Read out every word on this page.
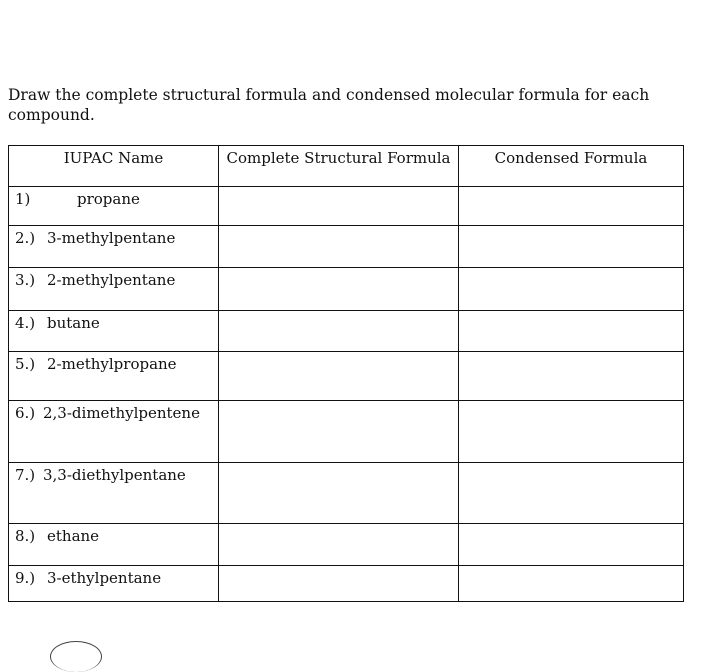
Draw the complete structural formula and condensed molecular formula for each compound.
IUPAC Name	Complete Structural Formula	Condensed Formula
1) propane		
2.) 3-methylpentane		
3.) 2-methylpentane		
4.) butane		
5.) 2-methylpropane		
6.) 2,3-dimethylpentene		
7.) 3,3-diethylpentane		
8.) ethane		
9.) 3-ethylpentane		
